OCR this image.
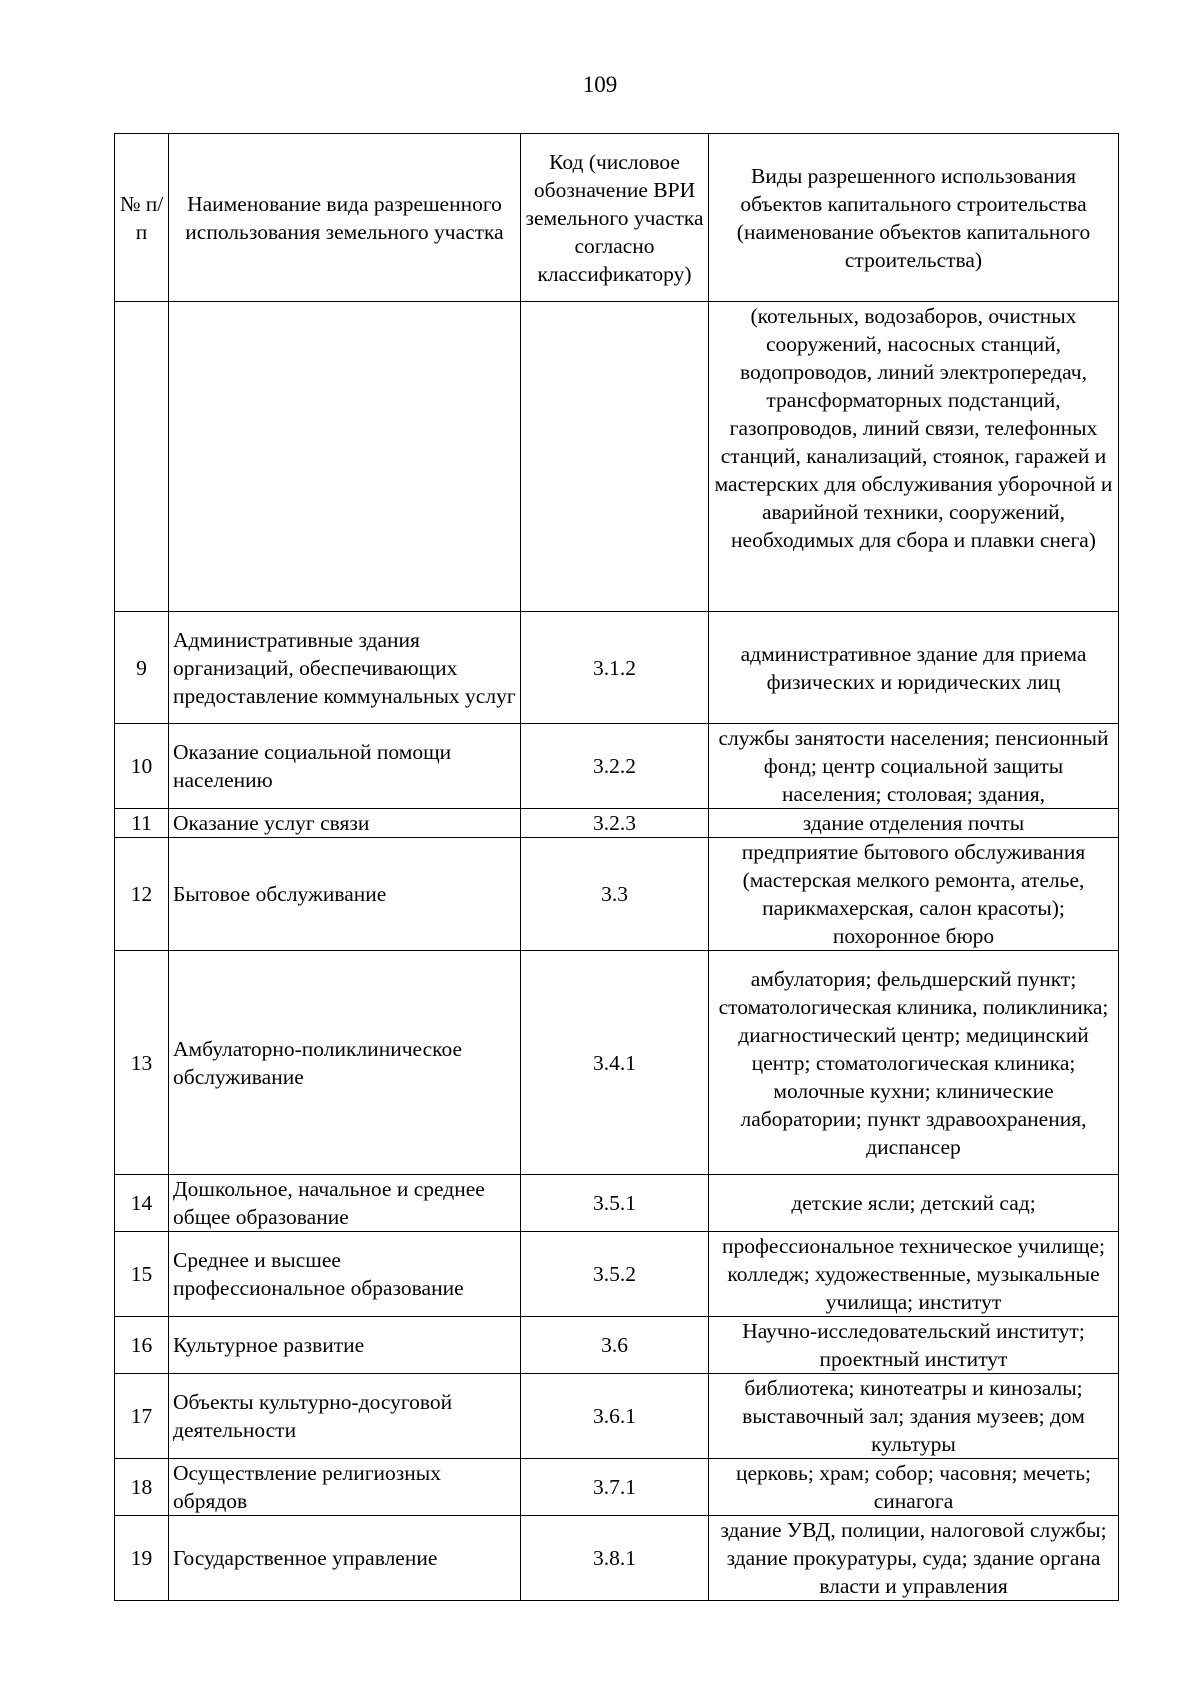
109
№ п/п	Наименование вида разрешенного использования земельного участка	Код (числовое обозначение ВРИ земельного участка согласно классификатору)	Виды разрешенного использования объектов капитального строительства (наименование объектов капитального строительства)
			(котельных, водозаборов, очистных сооружений, насосных станций, водопроводов, линий электропередач, трансформаторных подстанций, газопроводов, линий связи, телефонных станций, канализаций, стоянок, гаражей и мастерских для обслуживания уборочной и аварийной техники, сооружений, необходимых для сбора и плавки снега)
9	Административные здания организаций, обеспечивающих предоставление коммунальных услуг	3.1.2	административное здание для приема физических и юридических лиц
10	Оказание социальной помощи населению	3.2.2	службы занятости населения; пенсионный фонд; центр социальной защиты населения; столовая; здания,
11	Оказание услуг связи	3.2.3	здание отделения почты
12	Бытовое обслуживание	3.3	предприятие бытового обслуживания (мастерская мелкого ремонта, ателье, парикмахерская, салон красоты); похоронное бюро
13	Амбулаторно-поликлиническое обслуживание	3.4.1	амбулатория; фельдшерский пункт; стоматологическая клиника, поликлиника; диагностический центр; медицинский центр; стоматологическая клиника; молочные кухни; клинические лаборатории; пункт здравоохранения, диспансер
14	Дошкольное, начальное и среднее общее образование	3.5.1	детские ясли; детский сад;
15	Среднее и высшее профессиональное образование	3.5.2	профессиональное техническое училище; колледж; художественные, музыкальные училища; институт
16	Культурное развитие	3.6	Научно-исследовательский институт; проектный институт
17	Объекты культурно-досуговой деятельности	3.6.1	библиотека; кинотеатры и кинозалы; выставочный зал; здания музеев; дом культуры
18	Осуществление религиозных обрядов	3.7.1	церковь; храм; собор; часовня; мечеть; синагога
19	Государственное управление	3.8.1	здание УВД, полиции, налоговой службы; здание прокуратуры, суда; здание органа власти и управления
